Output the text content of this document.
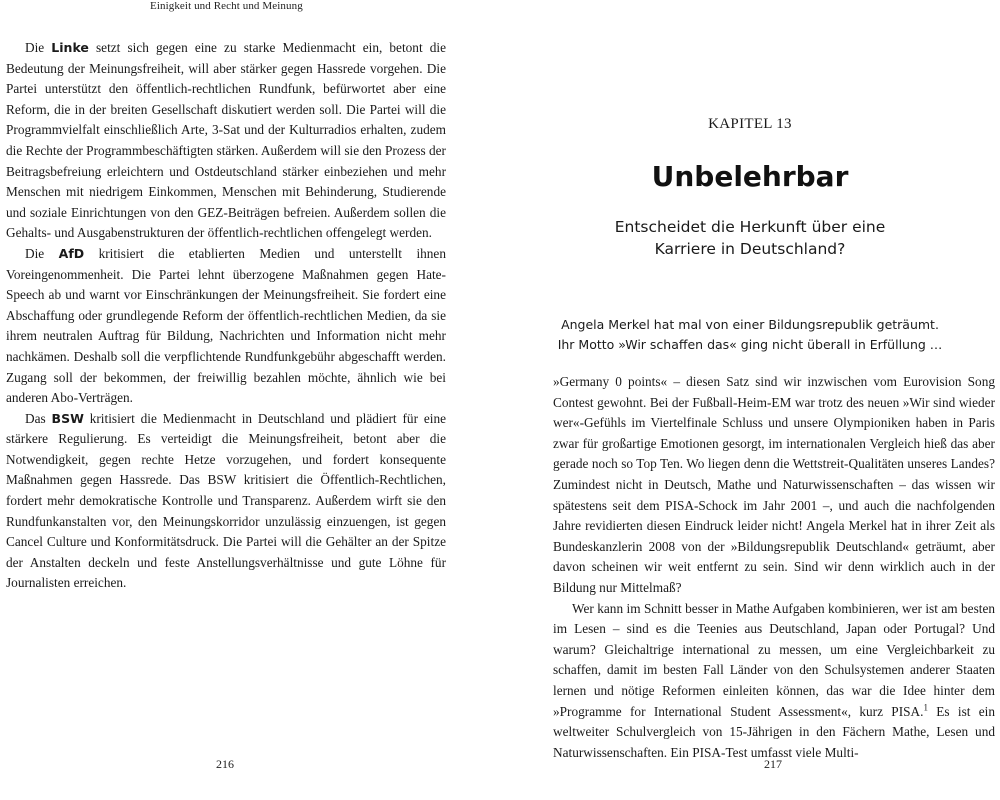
Einigkeit und Recht und Meinung

Die Linke setzt sich gegen eine zu starke Medienmacht ein, betont die Bedeutung der Meinungsfreiheit, will aber stärker gegen Hassrede vorgehen. Die Partei unterstützt den öffentlich-rechtlichen Rundfunk, befürwortet aber eine Reform, die in der breiten Gesellschaft diskutiert werden soll. Die Partei will die Programmvielfalt einschließlich Arte, 3-Sat und der Kulturradios erhalten, zudem die Rechte der Programmbeschäftigten stärken. Außerdem will sie den Prozess der Beitragsbefreiung erleichtern und Ostdeutschland stärker einbeziehen und mehr Menschen mit niedrigem Einkommen, Menschen mit Behinderung, Studierende und soziale Einrichtungen von den GEZ-Beiträgen befreien. Außerdem sollen die Gehalts- und Ausgabenstrukturen der öffentlich-rechtlichen offengelegt werden.

Die AfD kritisiert die etablierten Medien und unterstellt ihnen Voreingenommenheit. Die Partei lehnt überzogene Maßnahmen gegen Hate-Speech ab und warnt vor Einschränkungen der Meinungsfreiheit. Sie fordert eine Abschaffung oder grundlegende Reform der öffentlich-rechtlichen Medien, da sie ihrem neutralen Auftrag für Bildung, Nachrichten und Information nicht mehr nachkämen. Deshalb soll die verpflichtende Rundfunkgebühr abgeschafft werden. Zugang soll der bekommen, der freiwillig bezahlen möchte, ähnlich wie bei anderen Abo-Verträgen.

Das BSW kritisiert die Medienmacht in Deutschland und plädiert für eine stärkere Regulierung. Es verteidigt die Meinungsfreiheit, betont aber die Notwendigkeit, gegen rechte Hetze vorzugehen, und fordert konsequente Maßnahmen gegen Hassrede. Das BSW kritisiert die Öffentlich-Rechtlichen, fordert mehr demokratische Kontrolle und Transparenz. Außerdem wirft sie den Rundfunkanstalten vor, den Meinungskorridor unzulässig einzuengen, ist gegen Cancel Culture und Konformitätsdruck. Die Partei will die Gehälter an der Spitze der Anstalten deckeln und feste Anstellungsverhältnisse und gute Löhne für Journalisten erreichen.

216
KAPITEL 13
Unbelehrbar
Entscheidet die Herkunft über eine
Karriere in Deutschland?
Angela Merkel hat mal von einer Bildungsrepublik geträumt.
Ihr Motto »Wir schaffen das« ging nicht überall in Erfüllung …

»Germany 0 points« – diesen Satz sind wir inzwischen vom Eurovision Song Contest gewohnt. Bei der Fußball-Heim-EM war trotz des neuen »Wir sind wieder wer«-Gefühls im Viertelfinale Schluss und unsere Olympioniken haben in Paris zwar für großartige Emotionen gesorgt, im internationalen Vergleich hieß das aber gerade noch so Top Ten. Wo liegen denn die Wettstreit-Qualitäten unseres Landes? Zumindest nicht in Deutsch, Mathe und Naturwissenschaften – das wissen wir spätestens seit dem PISA-Schock im Jahr 2001 –, und auch die nachfolgenden Jahre revidierten diesen Eindruck leider nicht! Angela Merkel hat in ihrer Zeit als Bundeskanzlerin 2008 von der »Bildungsrepublik Deutschland« geträumt, aber davon scheinen wir weit entfernt zu sein. Sind wir denn wirklich auch in der Bildung nur Mittelmaß?

Wer kann im Schnitt besser in Mathe Aufgaben kombinieren, wer ist am besten im Lesen – sind es die Teenies aus Deutschland, Japan oder Portugal? Und warum? Gleichaltrige international zu messen, um eine Vergleichbarkeit zu schaffen, damit im besten Fall Länder von den Schulsystemen anderer Staaten lernen und nötige Reformen einleiten können, das war die Idee hinter dem »Programme for International Student Assessment«, kurz PISA.$^1$ Es ist ein weltweiter Schulvergleich von 15-Jährigen in den Fächern Mathe, Lesen und Naturwissenschaften. Ein PISA-Test umfasst viele Multi-

217
